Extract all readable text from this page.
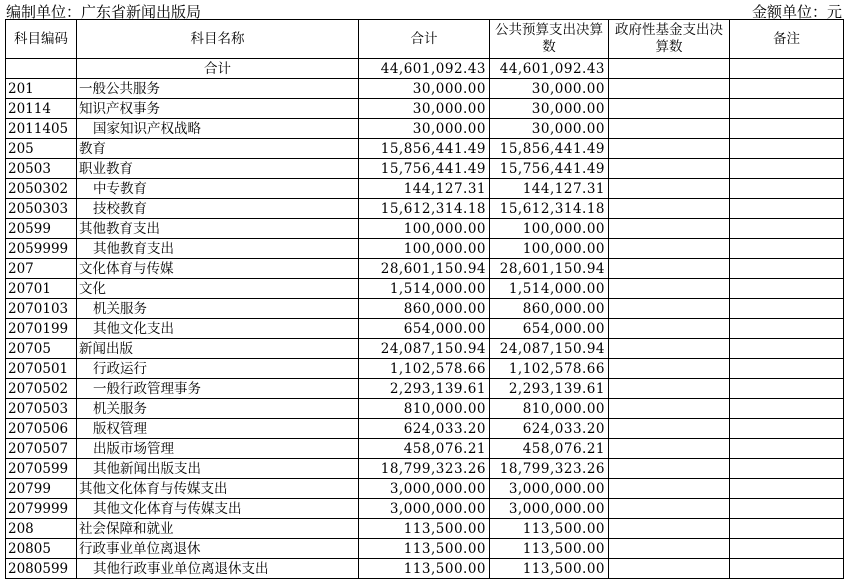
编制单位：广东省新闻出版局	金额单位：元
科目编码	科目名称	合计	公共预算支出决算数	政府性基金支出决算数	备注
	合计	44,601,092.43	44,601,092.43		
201	一般公共服务	30,000.00	30,000.00		
20114	知识产权事务	30,000.00	30,000.00		
2011405	国家知识产权战略	30,000.00	30,000.00		
205	教育	15,856,441.49	15,856,441.49		
20503	职业教育	15,756,441.49	15,756,441.49		
2050302	中专教育	144,127.31	144,127.31		
2050303	技校教育	15,612,314.18	15,612,314.18		
20599	其他教育支出	100,000.00	100,000.00		
2059999	其他教育支出	100,000.00	100,000.00		
207	文化体育与传媒	28,601,150.94	28,601,150.94		
20701	文化	1,514,000.00	1,514,000.00		
2070103	机关服务	860,000.00	860,000.00		
2070199	其他文化支出	654,000.00	654,000.00		
20705	新闻出版	24,087,150.94	24,087,150.94		
2070501	行政运行	1,102,578.66	1,102,578.66		
2070502	一般行政管理事务	2,293,139.61	2,293,139.61		
2070503	机关服务	810,000.00	810,000.00		
2070506	版权管理	624,033.20	624,033.20		
2070507	出版市场管理	458,076.21	458,076.21		
2070599	其他新闻出版支出	18,799,323.26	18,799,323.26		
20799	其他文化体育与传媒支出	3,000,000.00	3,000,000.00		
2079999	其他文化体育与传媒支出	3,000,000.00	3,000,000.00		
208	社会保障和就业	113,500.00	113,500.00		
20805	行政事业单位离退休	113,500.00	113,500.00		
2080599	其他行政事业单位离退休支出	113,500.00	113,500.00		
